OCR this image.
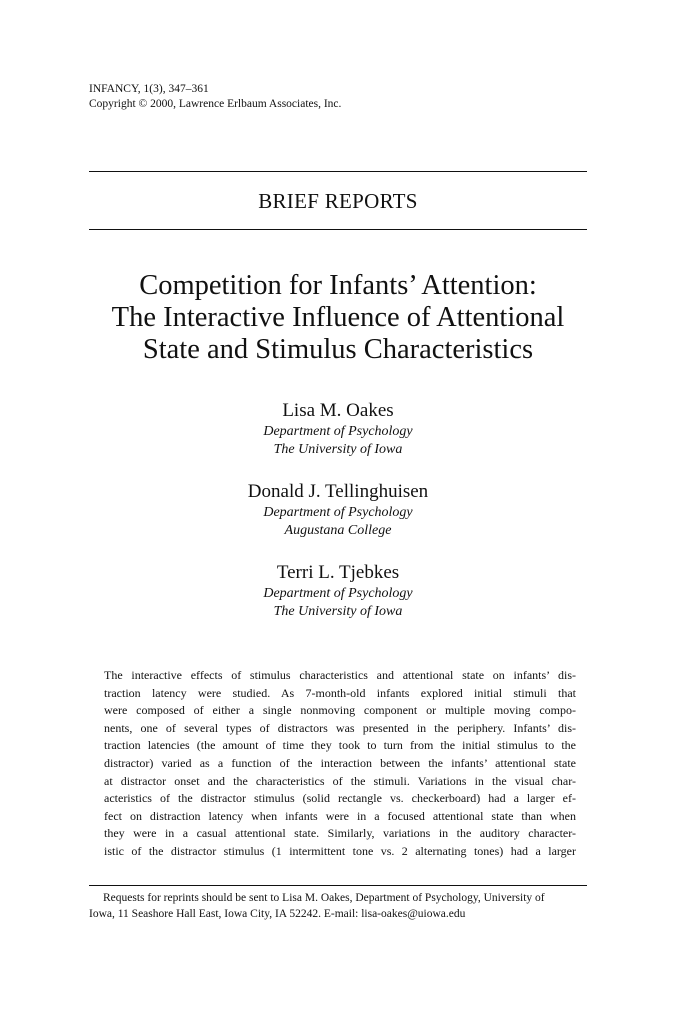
INFANCY, 1(3), 347–361
Copyright © 2000, Lawrence Erlbaum Associates, Inc.
BRIEF REPORTS
Competition for Infants’ Attention:
The Interactive Influence of Attentional
State and Stimulus Characteristics
Lisa M. Oakes
Department of Psychology
The University of Iowa
Donald J. Tellinghuisen
Department of Psychology
Augustana College
Terri L. Tjebkes
Department of Psychology
The University of Iowa
The interactive effects of stimulus characteristics and attentional state on infants’ dis-
traction latency were studied. As 7-month-old infants explored initial stimuli that
were composed of either a single nonmoving component or multiple moving compo-
nents, one of several types of distractors was presented in the periphery. Infants’ dis-
traction latencies (the amount of time they took to turn from the initial stimulus to the
distractor) varied as a function of the interaction between the infants’ attentional state
at distractor onset and the characteristics of the stimuli. Variations in the visual char-
acteristics of the distractor stimulus (solid rectangle vs. checkerboard) had a larger ef-
fect on distraction latency when infants were in a focused attentional state than when
they were in a casual attentional state. Similarly, variations in the auditory character-
istic of the distractor stimulus (1 intermittent tone vs. 2 alternating tones) had a larger
Requests for reprints should be sent to Lisa M. Oakes, Department of Psychology, University of
Iowa, 11 Seashore Hall East, Iowa City, IA 52242. E-mail: lisa-oakes@uiowa.edu
